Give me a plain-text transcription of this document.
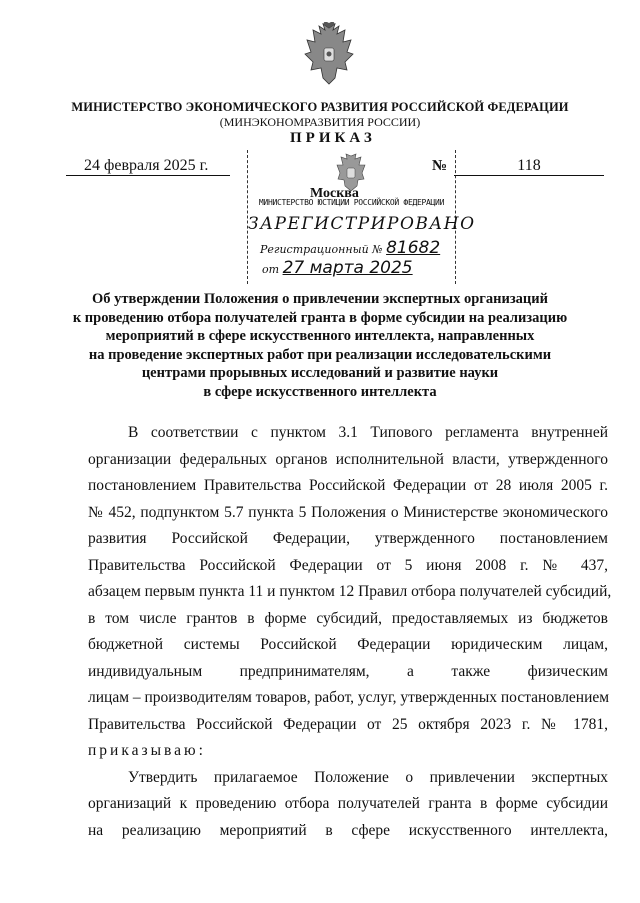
МИНИСТЕРСТВО ЭКОНОМИЧЕСКОГО РАЗВИТИЯ РОССИЙСКОЙ ФЕДЕРАЦИИ
(МИНЭКОНОМРАЗВИТИЯ РОССИИ)
ПРИКАЗ
МИНИСТЕРСТВО ЮСТИЦИИ РОССИЙСКОЙ ФЕДЕРАЦИИ
ЗАРЕГИСТРИРОВАНО
Регистрационный № 81682
от 27 марта 2025
24 февраля 2025 г.	№	118
Москва
Об утверждении Положения о привлечении экспертных организаций
к проведению отбора получателей гранта в форме субсидии на реализацию
мероприятий в сфере искусственного интеллекта, направленных
на проведение экспертных работ при реализации исследовательскими
центрами прорывных исследований и развитие науки
в сфере искусственного интеллекта
В соответствии с пунктом 3.1 Типового регламента внутренней
организации федеральных органов исполнительной власти, утвержденного
постановлением Правительства Российской Федерации от 28 июля 2005 г.
№ 452, подпунктом 5.7 пункта 5 Положения о Министерстве экономического
развития Российской Федерации, утвержденного постановлением
Правительства Российской Федерации от 5 июня 2008 г. № 437,
абзацем первым пункта 11 и пунктом 12 Правил отбора получателей субсидий,
в том числе грантов в форме субсидий, предоставляемых из бюджетов
бюджетной системы Российской Федерации юридическим лицам,
индивидуальным предпринимателям, а также физическим
лицам – производителям товаров, работ, услуг, утвержденных постановлением
Правительства Российской Федерации от 25 октября 2023 г. № 1781,
приказываю:
Утвердить прилагаемое Положение о привлечении экспертных
организаций к проведению отбора получателей гранта в форме субсидии
на реализацию мероприятий в сфере искусственного интеллекта,
